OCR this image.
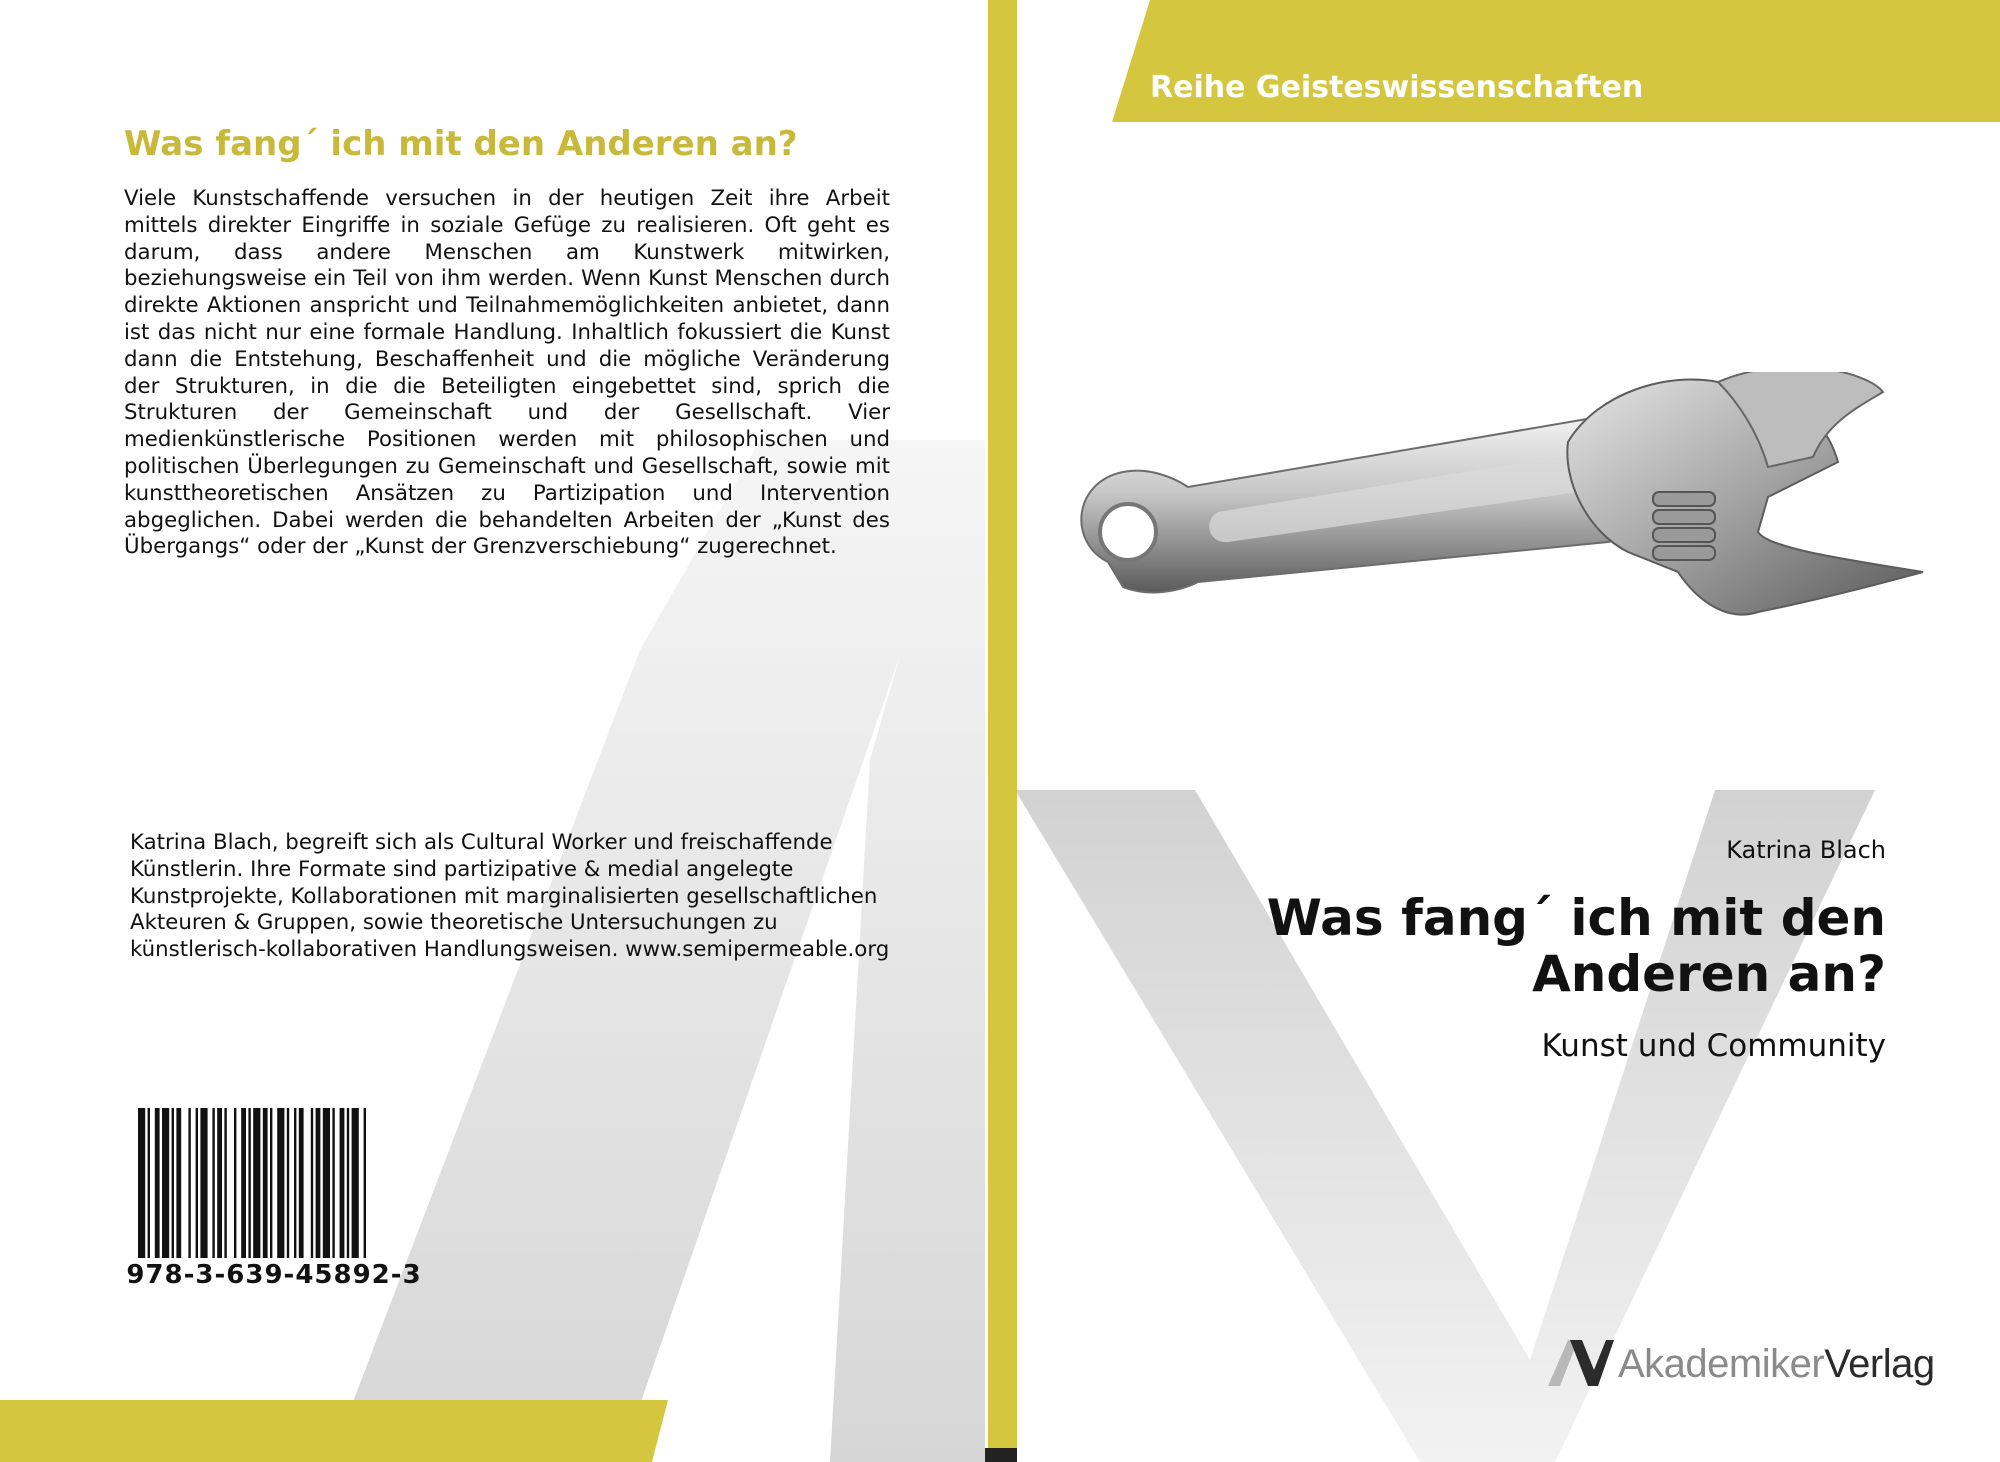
Was fang´ ich mit den Anderen an?
Viele Kunstschaffende versuchen in der heutigen Zeit ihre Arbeit mittels direkter Eingriffe in soziale Gefüge zu realisieren. Oft geht es darum, dass andere Menschen am Kunstwerk mitwirken, beziehungsweise ein Teil von ihm werden. Wenn Kunst Menschen durch direkte Aktionen anspricht und Teilnahmemöglichkeiten anbietet, dann ist das nicht nur eine formale Handlung. Inhaltlich fokussiert die Kunst dann die Entstehung, Beschaffenheit und die mögliche Veränderung der Strukturen, in die die Beteiligten eingebettet sind, sprich die Strukturen der Gemeinschaft und der Gesellschaft. Vier medienkünstlerische Positionen werden mit philosophischen und politischen Überlegungen zu Gemeinschaft und Gesellschaft, sowie mit kunsttheoretischen Ansätzen zu Partizipation und Intervention abgeglichen. Dabei werden die behandelten Arbeiten der „Kunst des Übergangs“ oder der „Kunst der Grenzverschiebung“ zugerechnet.
Katrina Blach, begreift sich als Cultural Worker und freischaffende Künstlerin. Ihre Formate sind partizipative & medial angelegte Kunstprojekte, Kollaborationen mit marginalisierten gesellschaftlichen Akteuren & Gruppen, sowie theoretische Untersuchungen zu künstlerisch-kollaborativen Handlungsweisen. www.semipermeable.org
978-3-639-45892-3
Reihe Geisteswissenschaften
Katrina Blach
Was fang´ ich mit den Anderen an?
Kunst und Community
AkademikerVerlag
